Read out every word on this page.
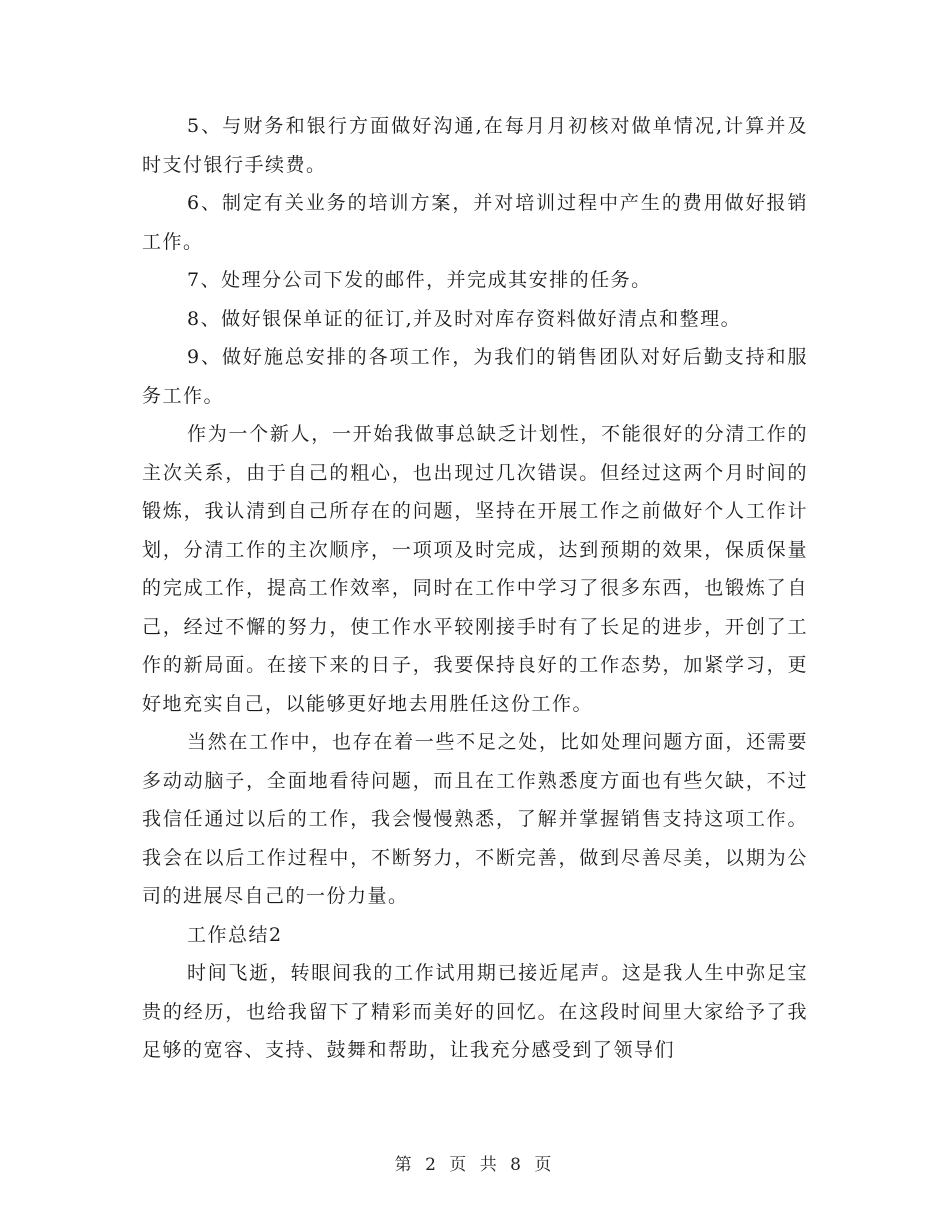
5、与财务和银行方面做好沟通,在每月月初核对做单情况,计算并及时支付银行手续费。

6、制定有关业务的培训方案，并对培训过程中产生的费用做好报销工作。

7、处理分公司下发的邮件，并完成其安排的任务。

8、做好银保单证的征订,并及时对库存资料做好清点和整理。

9、做好施总安排的各项工作，为我们的销售团队对好后勤支持和服务工作。

作为一个新人，一开始我做事总缺乏计划性，不能很好的分清工作的主次关系，由于自己的粗心，也出现过几次错误。但经过这两个月时间的锻炼，我认清到自己所存在的问题，坚持在开展工作之前做好个人工作计划，分清工作的主次顺序，一项项及时完成，达到预期的效果，保质保量的完成工作，提高工作效率，同时在工作中学习了很多东西，也锻炼了自己，经过不懈的努力，使工作水平较刚接手时有了长足的进步，开创了工作的新局面。在接下来的日子，我要保持良好的工作态势，加紧学习，更好地充实自己，以能够更好地去用胜任这份工作。

当然在工作中，也存在着一些不足之处，比如处理问题方面，还需要多动动脑子，全面地看待问题，而且在工作熟悉度方面也有些欠缺，不过我信任通过以后的工作，我会慢慢熟悉，了解并掌握销售支持这项工作。我会在以后工作过程中，不断努力，不断完善，做到尽善尽美，以期为公司的进展尽自己的一份力量。

工作总结2

时间飞逝，转眼间我的工作试用期已接近尾声。这是我人生中弥足宝贵的经历，也给我留下了精彩而美好的回忆。在这段时间里大家给予了我足够的宽容、支持、鼓舞和帮助，让我充分感受到了领导们

第 2 页 共 8 页
